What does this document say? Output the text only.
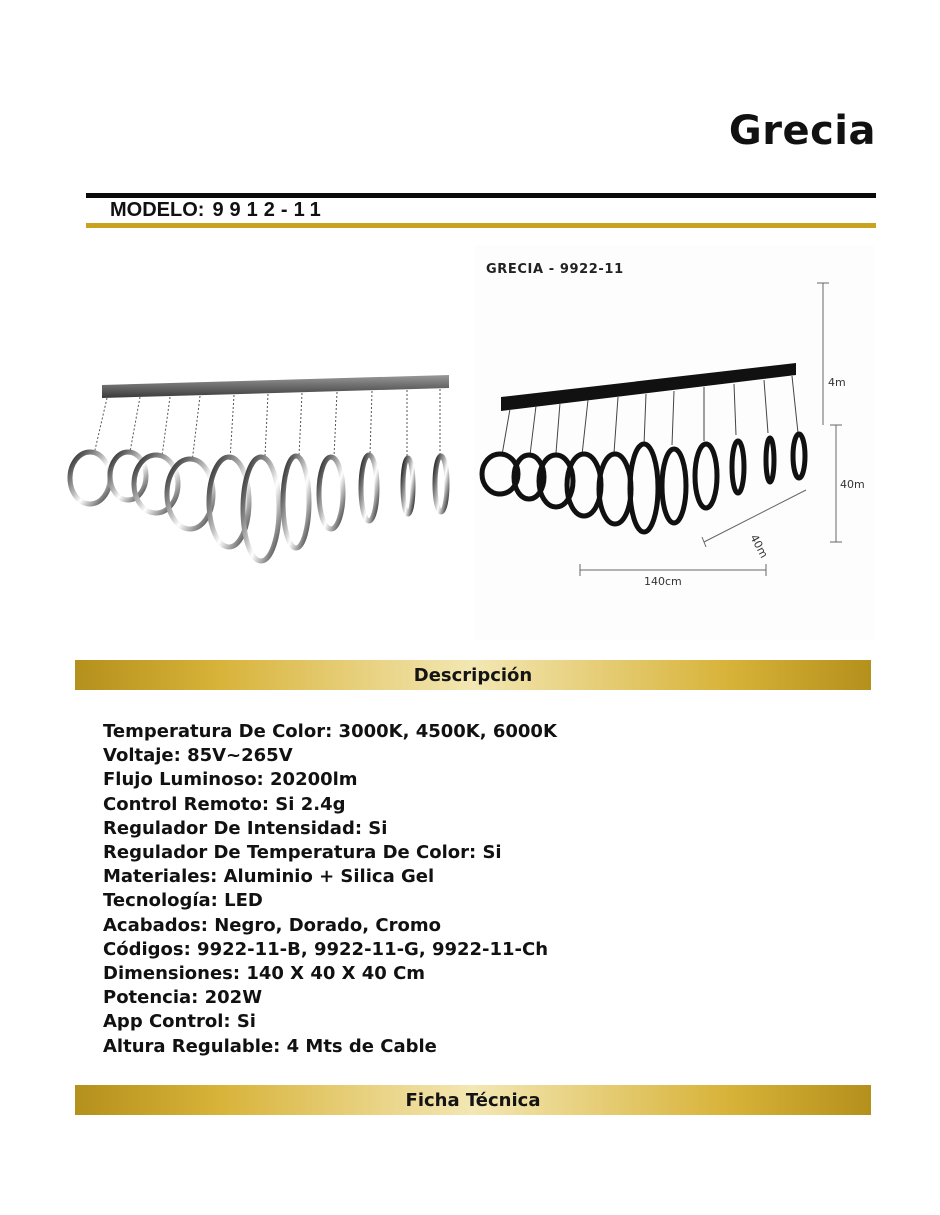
Grecia
MODELO: 9912-11
4m
40m
40m
140cm
GRECIA - 9922-11
Descripción
Temperatura De Color: 3000K, 4500K, 6000K
Voltaje: 85V~265V
Flujo Luminoso: 20200lm
Control Remoto: Si 2.4g
Regulador De Intensidad: Si
Regulador De Temperatura De Color: Si
Materiales: Aluminio + Silica Gel
Tecnología: LED
Acabados: Negro, Dorado, Cromo
Códigos: 9922-11-B, 9922-11-G, 9922-11-Ch
Dimensiones: 140 X 40 X 40 Cm
Potencia: 202W
App Control: Si
Altura Regulable: 4 Mts de Cable
Ficha Técnica
